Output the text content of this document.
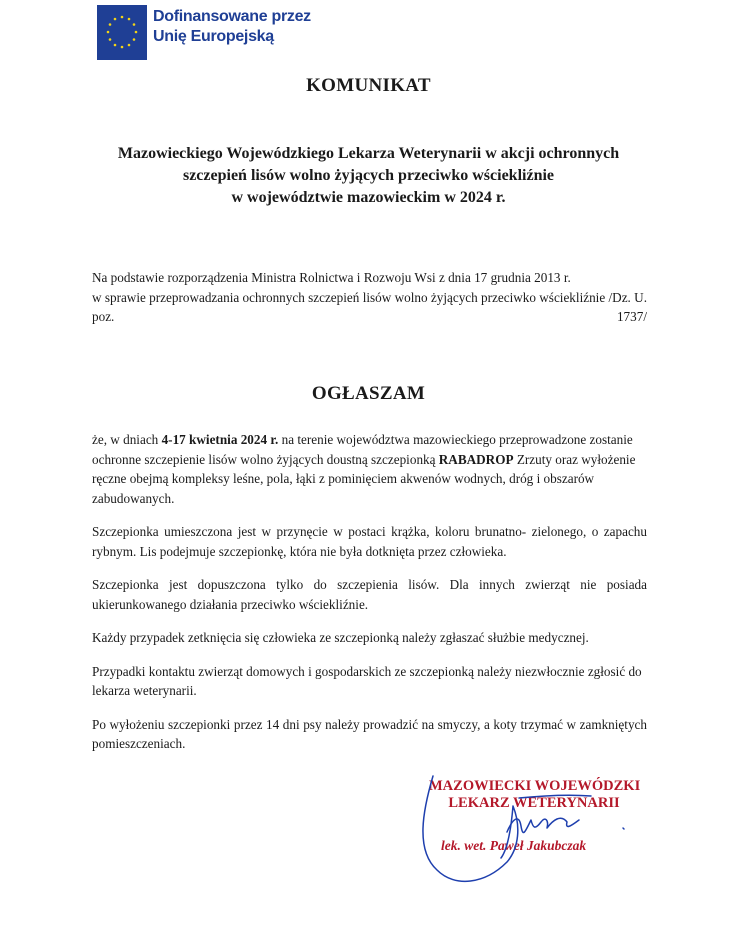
Dofinansowane przez
Unię Europejską
KOMUNIKAT
Mazowieckiego Wojewódzkiego Lekarza Weterynarii w akcji ochronnych
szczepień lisów wolno żyjących przeciwko wściekliźnie
w województwie mazowieckim w 2024 r.

Na podstawie rozporządzenia Ministra Rolnictwa i Rozwoju Wsi z dnia 17 grudnia 2013 r.

w sprawie przeprowadzania ochronnych szczepień lisów wolno żyjących przeciwko wściekliźnie /Dz. U. poz. 1737/

OGŁASZAM

że, w dniach 4-17 kwietnia 2024 r. na terenie województwa mazowieckiego przeprowadzone zostanie ochronne szczepienie lisów wolno żyjących doustną szczepionką RABADROP Zrzuty oraz wyłożenie ręczne obejmą kompleksy leśne, pola, łąki z pominięciem akwenów wodnych, dróg i obszarów zabudowanych.

Szczepionka umieszczona jest w przynęcie w postaci krążka, koloru brunatno- zielonego, o zapachu rybnym. Lis podejmuje szczepionkę, która nie była dotknięta przez człowieka.

Szczepionka jest dopuszczona tylko do szczepienia lisów. Dla innych zwierząt nie posiada ukierunkowanego działania przeciwko wściekliźnie.

Każdy przypadek zetknięcia się człowieka ze szczepionką należy zgłaszać służbie medycznej.

Przypadki kontaktu zwierząt domowych i gospodarskich ze szczepionką należy niezwłocznie zgłosić do lekarza weterynarii.

Po wyłożeniu szczepionki przez 14 dni psy należy prowadzić na smyczy, a koty trzymać w zamkniętych pomieszczeniach.

MAZOWIECKI WOJEWÓDZKI
LEKARZ WETERYNARII
lek. wet. Paweł Jakubczak
